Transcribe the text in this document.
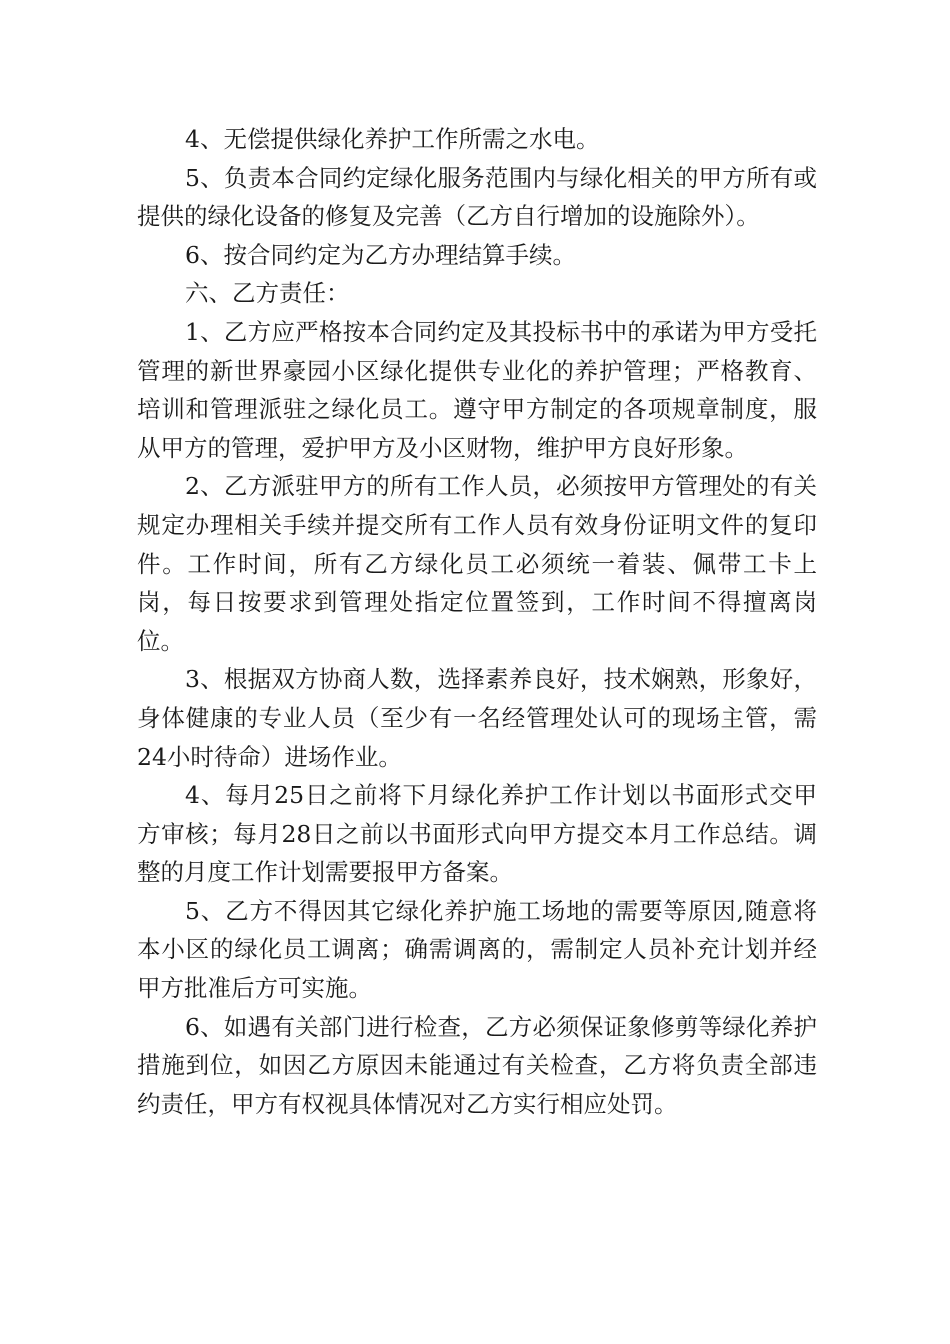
4、无偿提供绿化养护工作所需之水电。

5、负责本合同约定绿化服务范围内与绿化相关的甲方所有或提供的绿化设备的修复及完善（乙方自行增加的设施除外）。

6、按合同约定为乙方办理结算手续。

六、乙方责任：

1、乙方应严格按本合同约定及其投标书中的承诺为甲方受托管理的新世界豪园小区绿化提供专业化的养护管理；严格教育、培训和管理派驻之绿化员工。遵守甲方制定的各项规章制度，服从甲方的管理，爱护甲方及小区财物，维护甲方良好形象。

2、乙方派驻甲方的所有工作人员，必须按甲方管理处的有关规定办理相关手续并提交所有工作人员有效身份证明文件的复印件。工作时间，所有乙方绿化员工必须统一着装、佩带工卡上岗，每日按要求到管理处指定位置签到，工作时间不得擅离岗位。

3、根据双方协商人数，选择素养良好，技术娴熟，形象好，身体健康的专业人员（至少有一名经管理处认可的现场主管，需24小时待命）进场作业。

4、每月25日之前将下月绿化养护工作计划以书面形式交甲方审核；每月28日之前以书面形式向甲方提交本月工作总结。调整的月度工作计划需要报甲方备案。

5、乙方不得因其它绿化养护施工场地的需要等原因,随意将本小区的绿化员工调离；确需调离的，需制定人员补充计划并经甲方批准后方可实施。

6、如遇有关部门进行检查，乙方必须保证象修剪等绿化养护措施到位，如因乙方原因未能通过有关检查，乙方将负责全部违约责任，甲方有权视具体情况对乙方实行相应处罚。
